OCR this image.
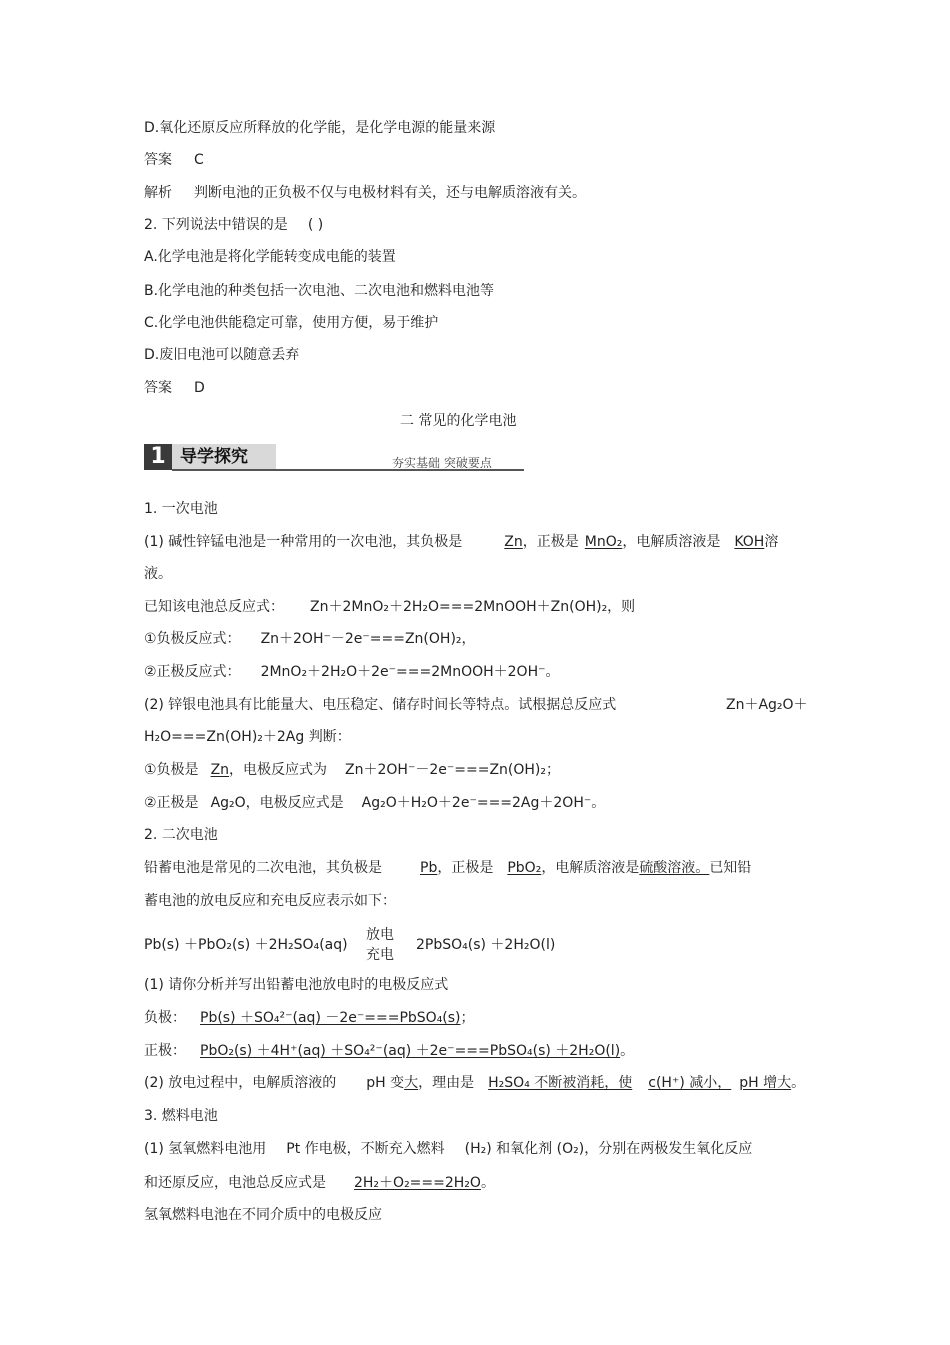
D.氧化还原反应所释放的化学能，是化学电源的能量来源
答案 C
解析 判断电池的正负极不仅与电极材料有关，还与电解质溶液有关。
2. 下列说法中错误的是 ( )
A.化学电池是将化学能转变成电能的装置
B.化学电池的种类包括一次电池、二次电池和燃料电池等
C.化学电池供能稳定可靠，使用方便，易于维护
D.废旧电池可以随意丢弃
答案 D
二 常见的化学电池
1 导学探究	夯实基础 突破要点
1. 一次电池
(1) 碱性锌锰电池是一种常用的一次电池，其负极是	Zn，正极是 MnO₂，电解质溶液是 KOH溶
液。
已知该电池总反应式： Zn＋2MnO₂＋2H₂O===2MnOOH＋Zn(OH)₂，则
①负极反应式： Zn＋2OH⁻－2e⁻===Zn(OH)₂，
②正极反应式： 2MnO₂＋2H₂O＋2e⁻===2MnOOH＋2OH⁻。
(2) 锌银电池具有比能量大、电压稳定、储存时间长等特点。试根据总反应式	Zn＋Ag₂O＋
H₂O===Zn(OH)₂＋2Ag 判断：
①负极是 Zn，电极反应式为 Zn＋2OH⁻－2e⁻===Zn(OH)₂；
②正极是 Ag₂O，电极反应式是 Ag₂O＋H₂O＋2e⁻===2Ag＋2OH⁻。
2. 二次电池
铅蓄电池是常见的二次电池，其负极是	Pb，正极是 PbO₂，电解质溶液是硫酸溶液。已知铅
蓄电池的放电反应和充电反应表示如下：
Pb(s) ＋PbO₂(s) ＋2H₂SO₄(aq)
放电
充电
2PbSO₄(s) ＋2H₂O(l)
(1) 请你分析并写出铅蓄电池放电时的电极反应式
负极： Pb(s) ＋SO₄²⁻(aq) －2e⁻===PbSO₄(s)；
正极： PbO₂(s) ＋4H⁺(aq) ＋SO₄²⁻(aq) ＋2e⁻===PbSO₄(s) ＋2H₂O(l)。
(2) 放电过程中，电解质溶液的 pH 变大，理由是 H₂SO₄ 不断被消耗，使 c(H⁺) 减小， pH 增大。
3. 燃料电池
(1) 氢氧燃料电池用 Pt 作电极，不断充入燃料 (H₂) 和氧化剂 (O₂)，分别在两极发生氧化反应
和还原反应，电池总反应式是 2H₂＋O₂===2H₂O。
氢氧燃料电池在不同介质中的电极反应
